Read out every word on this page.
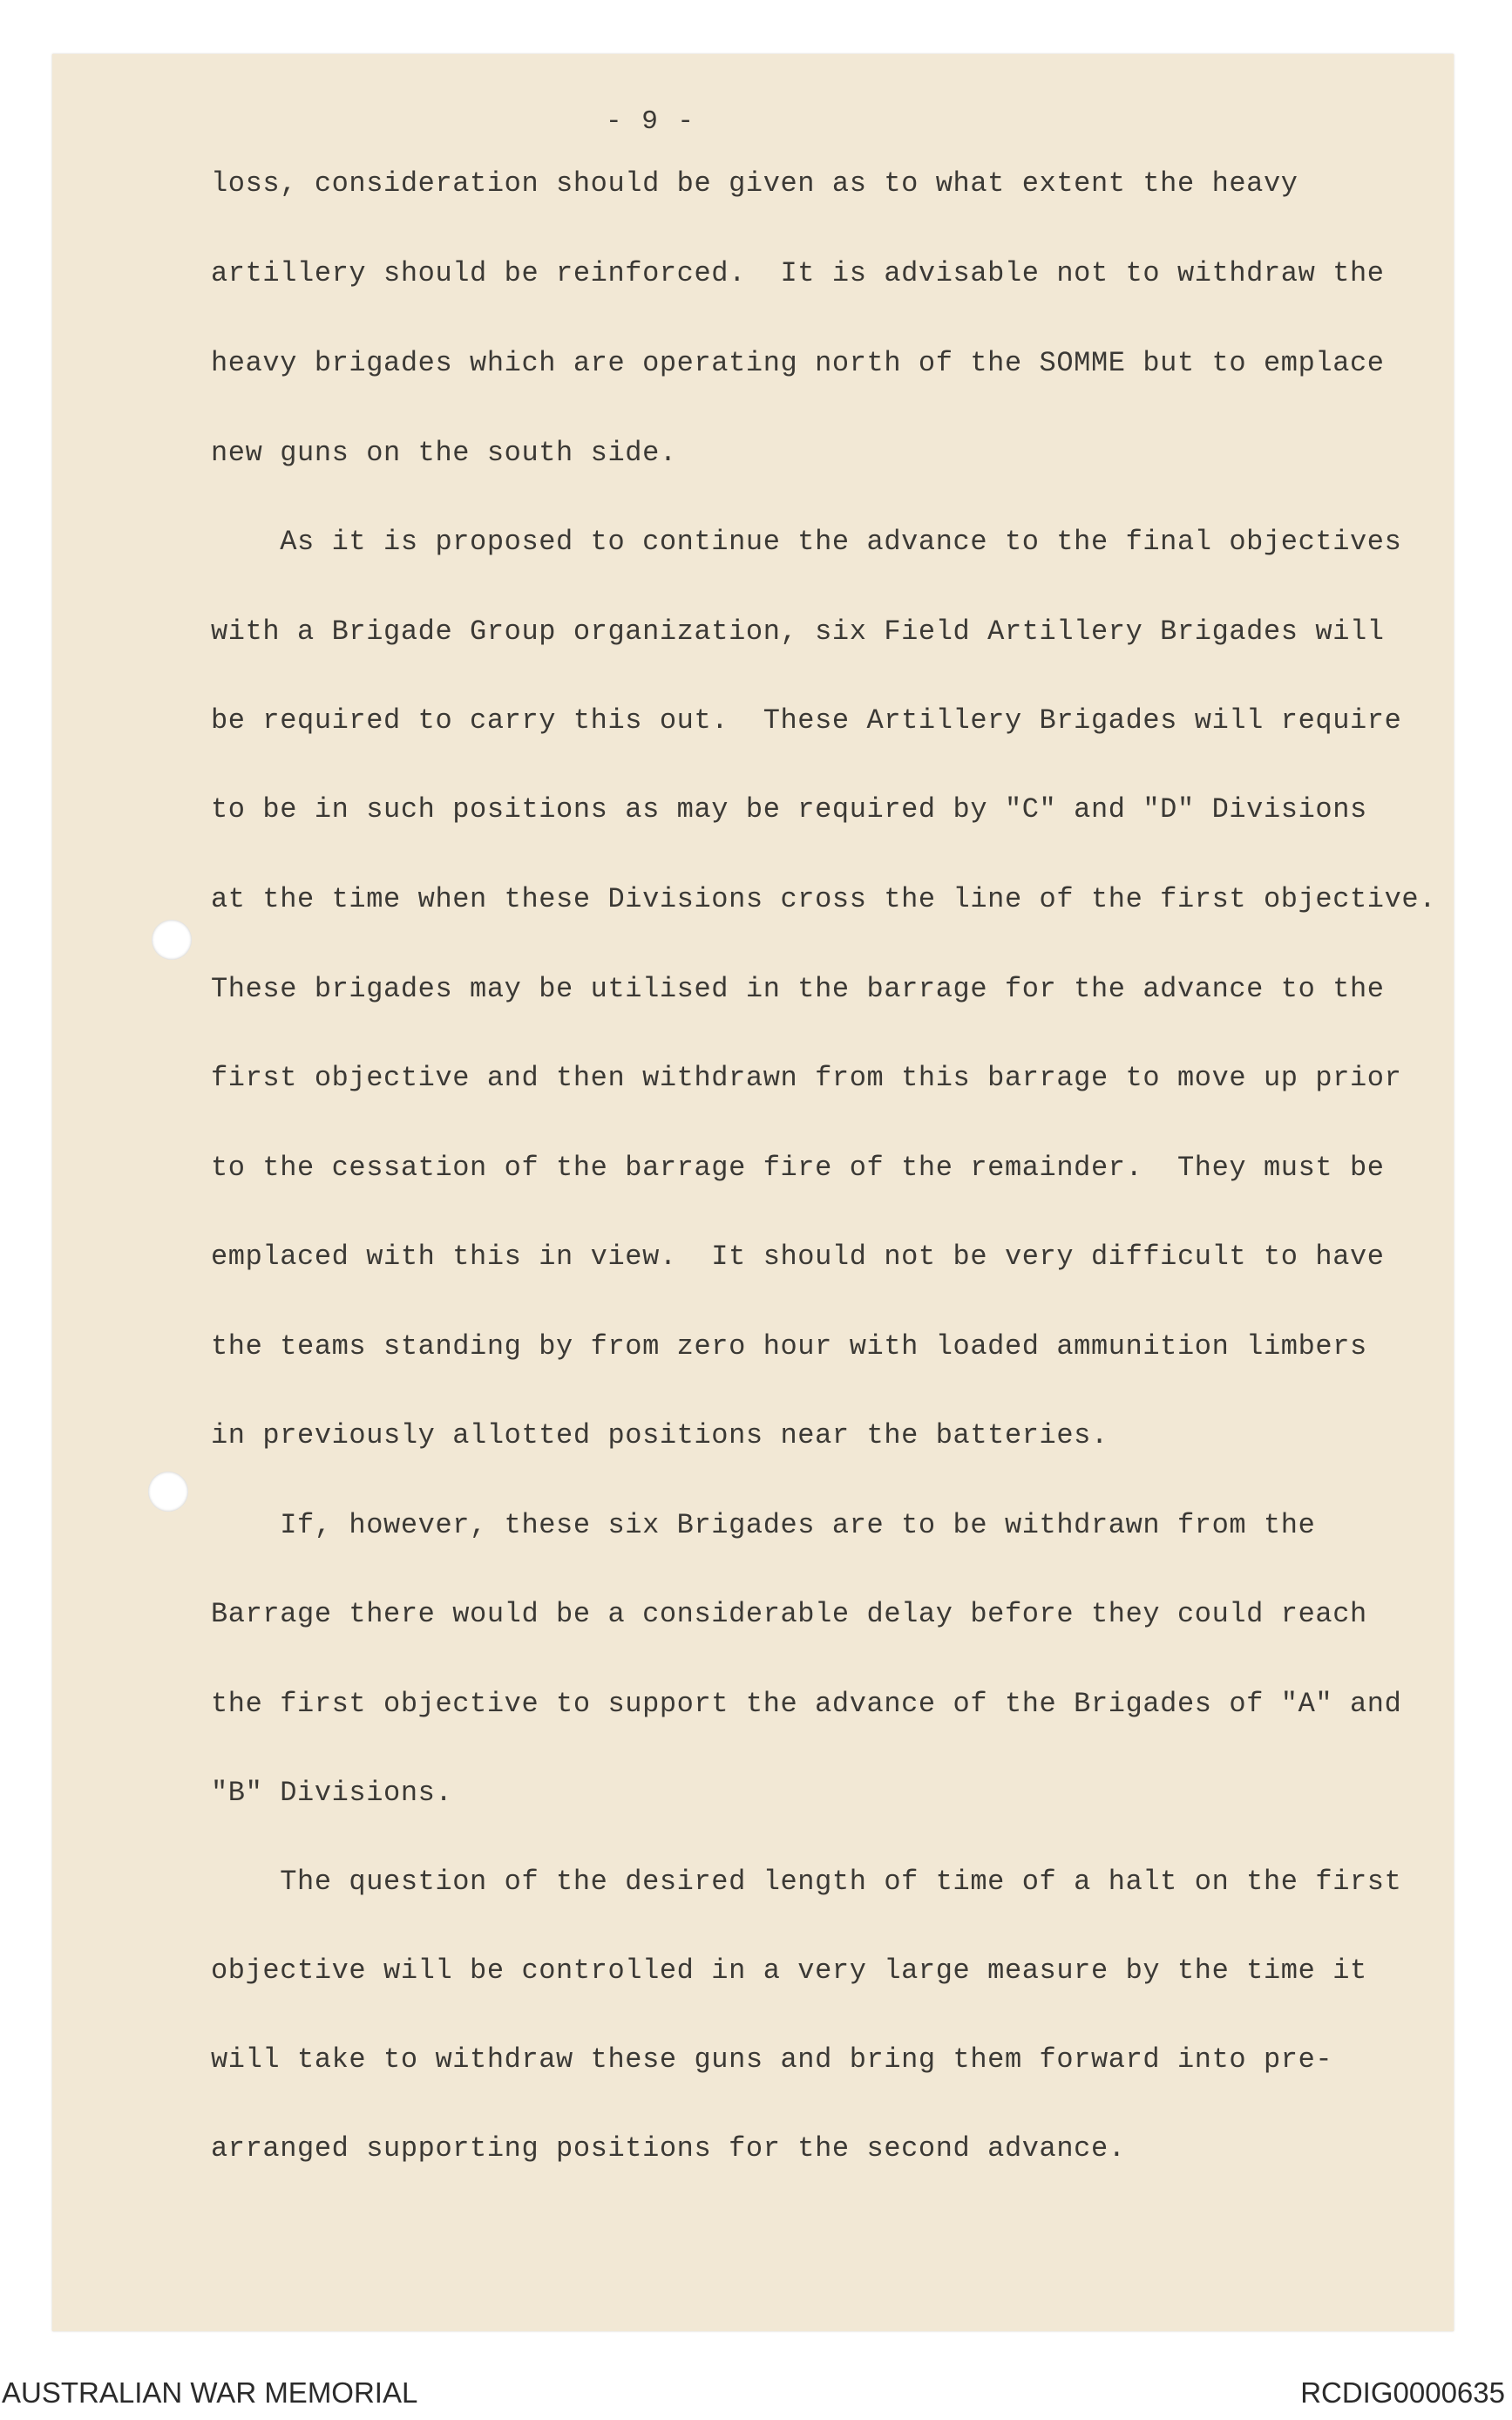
- 9 -
loss, consideration should be given as to what extent the heavy
artillery should be reinforced.  It is advisable not to withdraw the
heavy brigades which are operating north of the SOMME but to emplace
new guns on the south side.
As it is proposed to continue the advance to the final objectives
with a Brigade Group organization, six Field Artillery Brigades will
be required to carry this out.  These Artillery Brigades will require
to be in such positions as may be required by "C" and "D" Divisions
at the time when these Divisions cross the line of the first objective.
These brigades may be utilised in the barrage for the advance to the
first objective and then withdrawn from this barrage to move up prior
to the cessation of the barrage fire of the remainder.  They must be
emplaced with this in view.  It should not be very difficult to have
the teams standing by from zero hour with loaded ammunition limbers
in previously allotted positions near the batteries.
If, however, these six Brigades are to be withdrawn from the
Barrage there would be a considerable delay before they could reach
the first objective to support the advance of the Brigades of "A" and
"B" Divisions.
The question of the desired length of time of a halt on the first
objective will be controlled in a very large measure by the time it
will take to withdraw these guns and bring them forward into pre-
arranged supporting positions for the second advance.
AUSTRALIAN WAR MEMORIAL	RCDIG0000635
